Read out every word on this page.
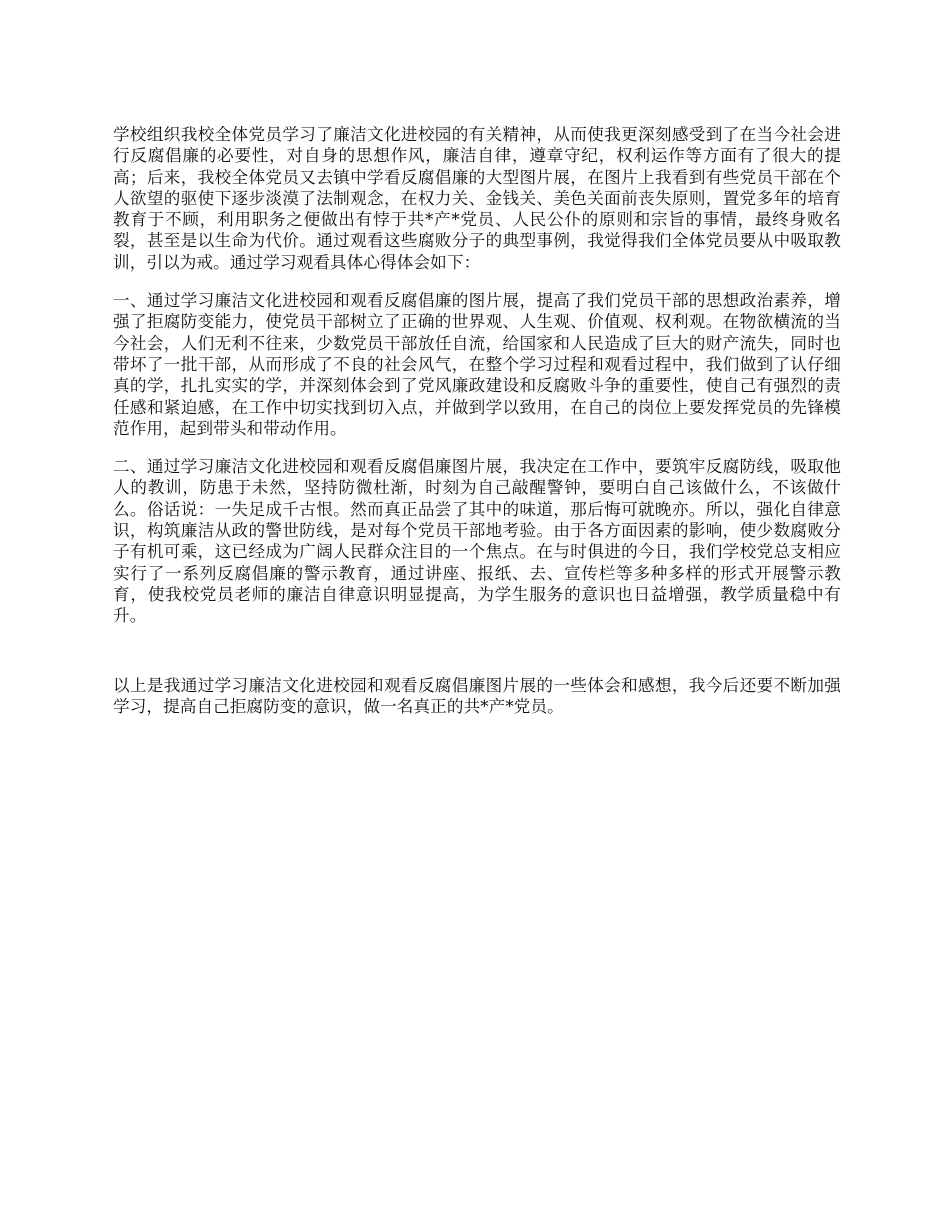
学校组织我校全体党员学习了廉洁文化进校园的有关精神，从而使我更深刻感受到了在当今社会进行反腐倡廉的必要性，对自身的思想作风，廉洁自律，遵章守纪，权利运作等方面有了很大的提高；后来，我校全体党员又去镇中学看反腐倡廉的大型图片展，在图片上我看到有些党员干部在个人欲望的驱使下逐步淡漠了法制观念，在权力关、金钱关、美色关面前丧失原则，置党多年的培育教育于不顾，利用职务之便做出有悖于共*产*党员、人民公仆的原则和宗旨的事情，最终身败名裂，甚至是以生命为代价。通过观看这些腐败分子的典型事例，我觉得我们全体党员要从中吸取教训，引以为戒。通过学习观看具体心得体会如下：

一、通过学习廉洁文化进校园和观看反腐倡廉的图片展，提高了我们党员干部的思想政治素养，增强了拒腐防变能力，使党员干部树立了正确的世界观、人生观、价值观、权利观。在物欲横流的当今社会，人们无利不往来，少数党员干部放任自流，给国家和人民造成了巨大的财产流失，同时也带坏了一批干部，从而形成了不良的社会风气，在整个学习过程和观看过程中，我们做到了认仔细真的学，扎扎实实的学，并深刻体会到了党风廉政建设和反腐败斗争的重要性，使自己有强烈的责任感和紧迫感，在工作中切实找到切入点，并做到学以致用，在自己的岗位上要发挥党员的先锋模范作用，起到带头和带动作用。

二、通过学习廉洁文化进校园和观看反腐倡廉图片展，我决定在工作中，要筑牢反腐防线，吸取他人的教训，防患于未然，坚持防微杜渐，时刻为自己敲醒警钟，要明白自己该做什么，不该做什么。俗话说：一失足成千古恨。然而真正品尝了其中的味道，那后悔可就晚亦。所以，强化自律意识，构筑廉洁从政的警世防线，是对每个党员干部地考验。由于各方面因素的影响，使少数腐败分子有机可乘，这已经成为广阔人民群众注目的一个焦点。在与时俱进的今日，我们学校党总支相应实行了一系列反腐倡廉的警示教育，通过讲座、报纸、去、宣传栏等多种多样的形式开展警示教育，使我校党员老师的廉洁自律意识明显提高，为学生服务的意识也日益增强，教学质量稳中有升。

以上是我通过学习廉洁文化进校园和观看反腐倡廉图片展的一些体会和感想，我今后还要不断加强学习，提高自己拒腐防变的意识，做一名真正的共*产*党员。
